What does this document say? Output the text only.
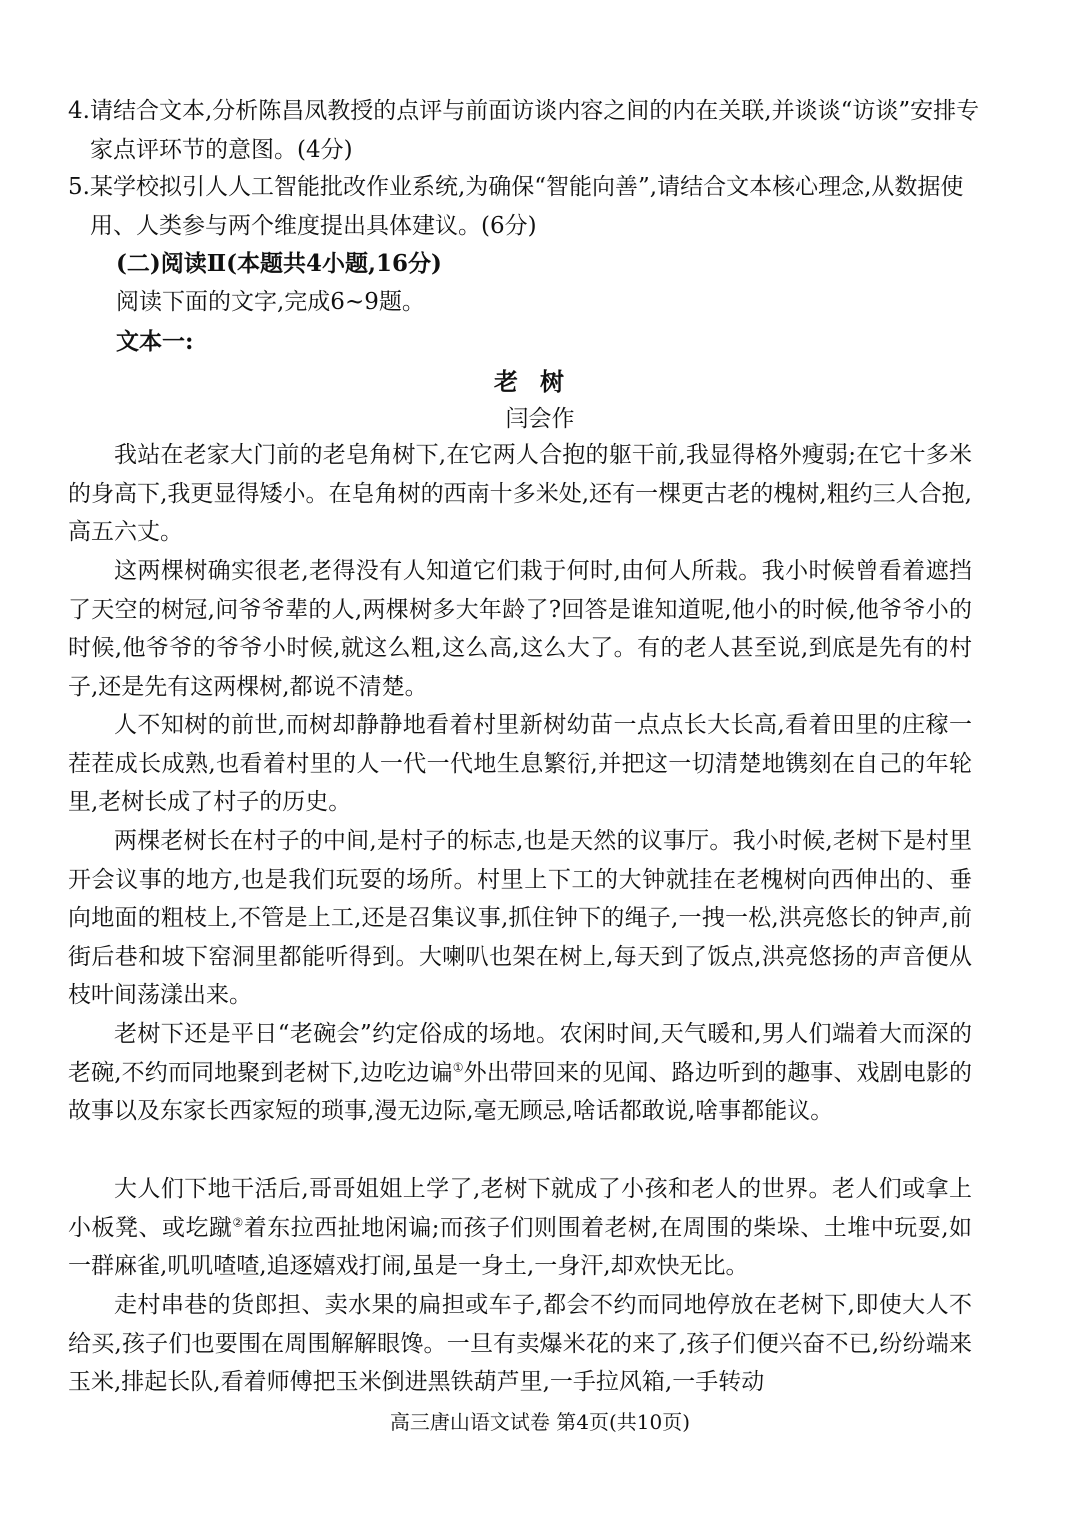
4.请结合文本,分析陈昌凤教授的点评与前面访谈内容之间的内在关联,并谈谈“访谈”安排专家点评环节的意图。(4分)

5.某学校拟引人人工智能批改作业系统,为确保“智能向善”,请结合文本核心理念,从数据使用、人类参与两个维度提出具体建议。(6分)

(二)阅读Ⅱ(本题共4小题,16分)

阅读下面的文字,完成6~9题。

文本一:

老树

闫会作

我站在老家大门前的老皂角树下,在它两人合抱的躯干前,我显得格外瘦弱;在它十多米的身高下,我更显得矮小。在皂角树的西南十多米处,还有一棵更古老的槐树,粗约三人合抱,高五六丈。

这两棵树确实很老,老得没有人知道它们栽于何时,由何人所栽。我小时候曾看着遮挡了天空的树冠,问爷爷辈的人,两棵树多大年龄了?回答是谁知道呢,他小的时候,他爷爷小的时候,他爷爷的爷爷小时候,就这么粗,这么高,这么大了。有的老人甚至说,到底是先有的村子,还是先有这两棵树,都说不清楚。

人不知树的前世,而树却静静地看着村里新树幼苗一点点长大长高,看着田里的庄稼一茬茬成长成熟,也看着村里的人一代一代地生息繁衍,并把这一切清楚地镌刻在自己的年轮里,老树长成了村子的历史。

两棵老树长在村子的中间,是村子的标志,也是天然的议事厅。我小时候,老树下是村里开会议事的地方,也是我们玩耍的场所。村里上下工的大钟就挂在老槐树向西伸出的、垂向地面的粗枝上,不管是上工,还是召集议事,抓住钟下的绳子,一拽一松,洪亮悠长的钟声,前街后巷和坡下窑洞里都能听得到。大喇叭也架在树上,每天到了饭点,洪亮悠扬的声音便从枝叶间荡漾出来。

老树下还是平日“老碗会”约定俗成的场地。农闲时间,天气暖和,男人们端着大而深的老碗,不约而同地聚到老树下,边吃边谝①外出带回来的见闻、路边听到的趣事、戏剧电影的故事以及东家长西家短的琐事,漫无边际,毫无顾忌,啥话都敢说,啥事都能议。

大人们下地干活后,哥哥姐姐上学了,老树下就成了小孩和老人的世界。老人们或拿上小板凳、或圪蹴②着东拉西扯地闲谝;而孩子们则围着老树,在周围的柴垛、土堆中玩耍,如一群麻雀,叽叽喳喳,追逐嬉戏打闹,虽是一身土,一身汗,却欢快无比。

走村串巷的货郎担、卖水果的扁担或车子,都会不约而同地停放在老树下,即使大人不给买,孩子们也要围在周围解解眼馋。一旦有卖爆米花的来了,孩子们便兴奋不已,纷纷端来玉米,排起长队,看着师傅把玉米倒进黑铁葫芦里,一手拉风箱,一手转动

高三唐山语文试卷 第4页(共10页)
